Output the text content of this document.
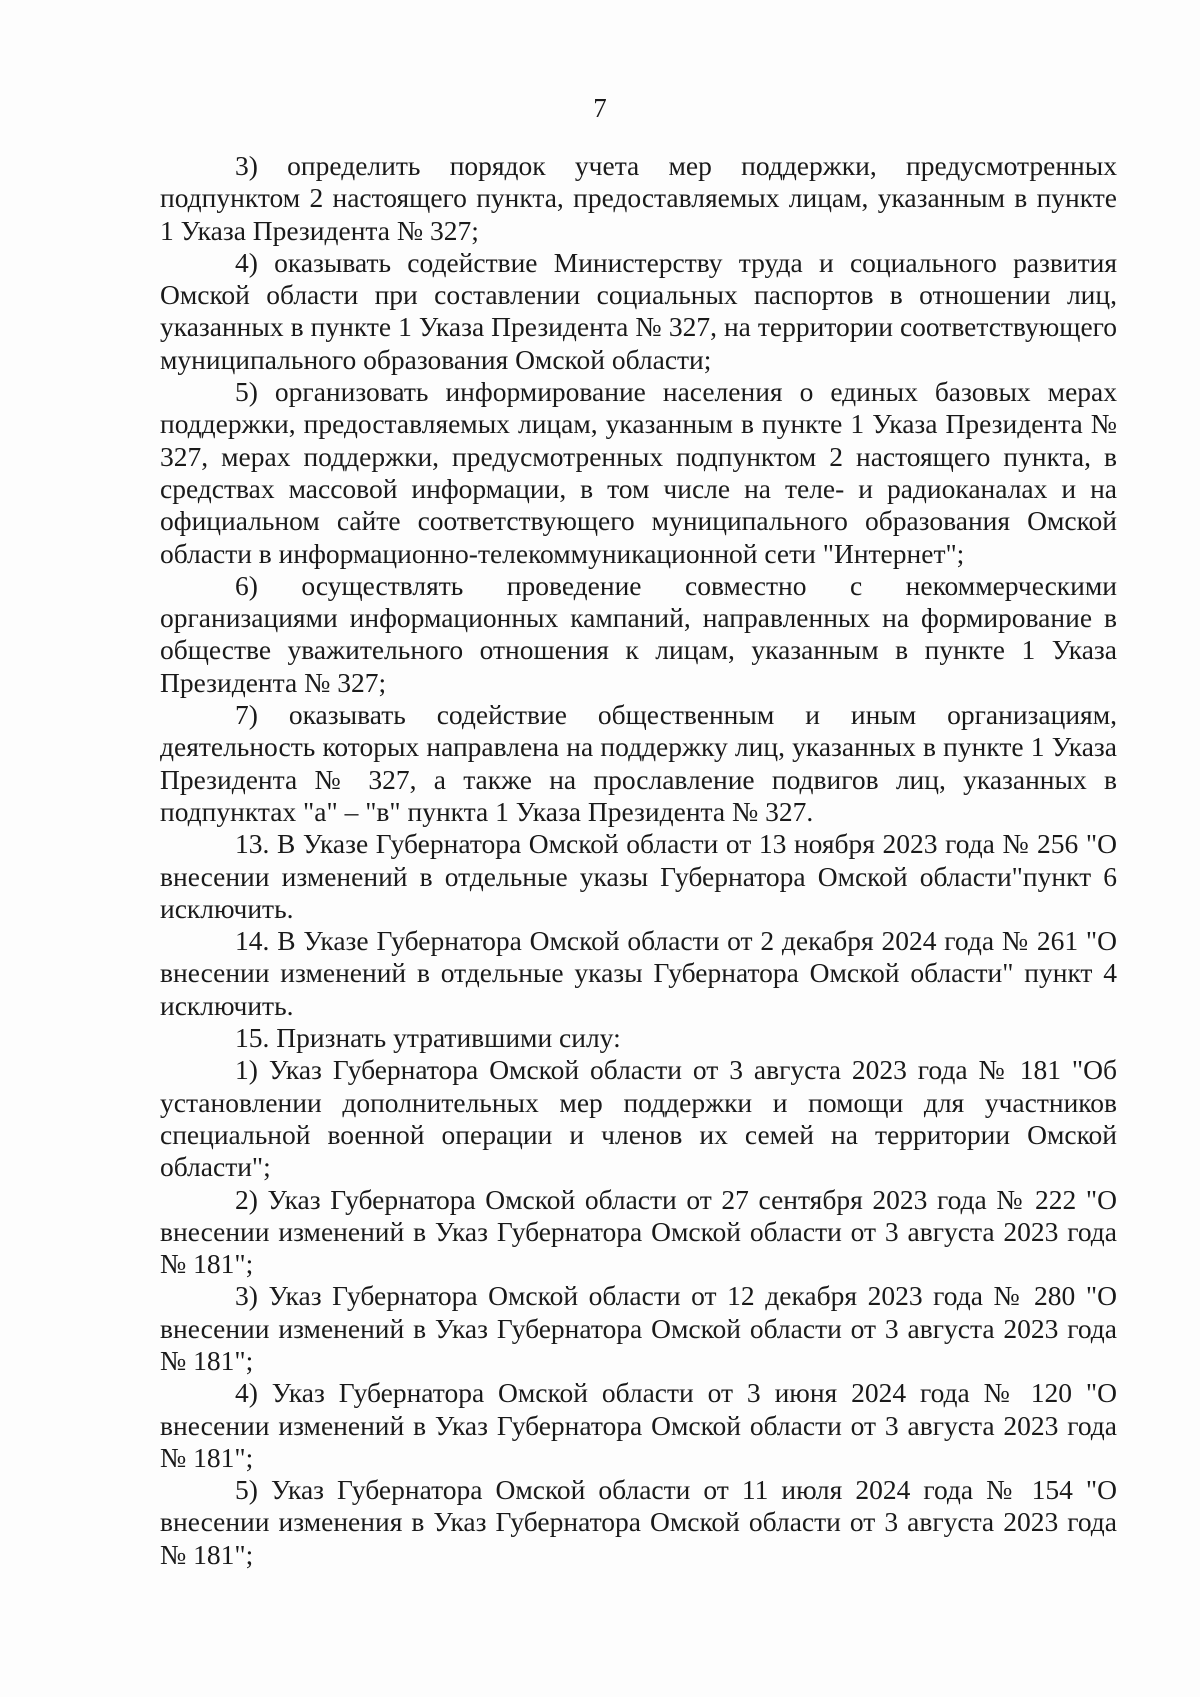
7

3) определить порядок учета мер поддержки, предусмотренных подпунктом 2 настоящего пункта, предоставляемых лицам, указанным в пункте 1 Указа Президента № 327;

4) оказывать содействие Министерству труда и социального развития Омской области при составлении социальных паспортов в отношении лиц, указанных в пункте 1 Указа Президента № 327, на территории соответствующего муниципального образования Омской области;

5) организовать информирование населения о единых базовых мерах поддержки, предоставляемых лицам, указанным в пункте 1 Указа Президента № 327, мерах поддержки, предусмотренных подпунктом 2 настоящего пункта, в средствах массовой информации, в том числе на теле- и радиоканалах и на официальном сайте соответствующего муниципального образования Омской области в информационно-телекоммуникационной сети "Интернет";

6) осуществлять проведение совместно с некоммерческими организациями информационных кампаний, направленных на формирование в обществе уважительного отношения к лицам, указанным в пункте 1 Указа Президента № 327;

7) оказывать содействие общественным и иным организациям, деятельность которых направлена на поддержку лиц, указанных в пункте 1 Указа Президента № 327, а также на прославление подвигов лиц, указанных в подпунктах "а" – "в" пункта 1 Указа Президента № 327.

13. В Указе Губернатора Омской области от 13 ноября 2023 года № 256 "О внесении изменений в отдельные указы Губернатора Омской области"пункт 6 исключить.

14. В Указе Губернатора Омской области от 2 декабря 2024 года № 261 "О внесении изменений в отдельные указы Губернатора Омской области" пункт 4 исключить.

15. Признать утратившими силу:

1) Указ Губернатора Омской области от 3 августа 2023 года № 181 "Об установлении дополнительных мер поддержки и помощи для участников специальной военной операции и членов их семей на территории Омской области";

2) Указ Губернатора Омской области от 27 сентября 2023 года № 222 "О внесении изменений в Указ Губернатора Омской области от 3 августа 2023 года № 181";

3) Указ Губернатора Омской области от 12 декабря 2023 года № 280 "О внесении изменений в Указ Губернатора Омской области от 3 августа 2023 года № 181";

4) Указ Губернатора Омской области от 3 июня 2024 года № 120 "О внесении изменений в Указ Губернатора Омской области от 3 августа 2023 года № 181";

5) Указ Губернатора Омской области от 11 июля 2024 года № 154 "О внесении изменения в Указ Губернатора Омской области от 3 августа 2023 года № 181";
